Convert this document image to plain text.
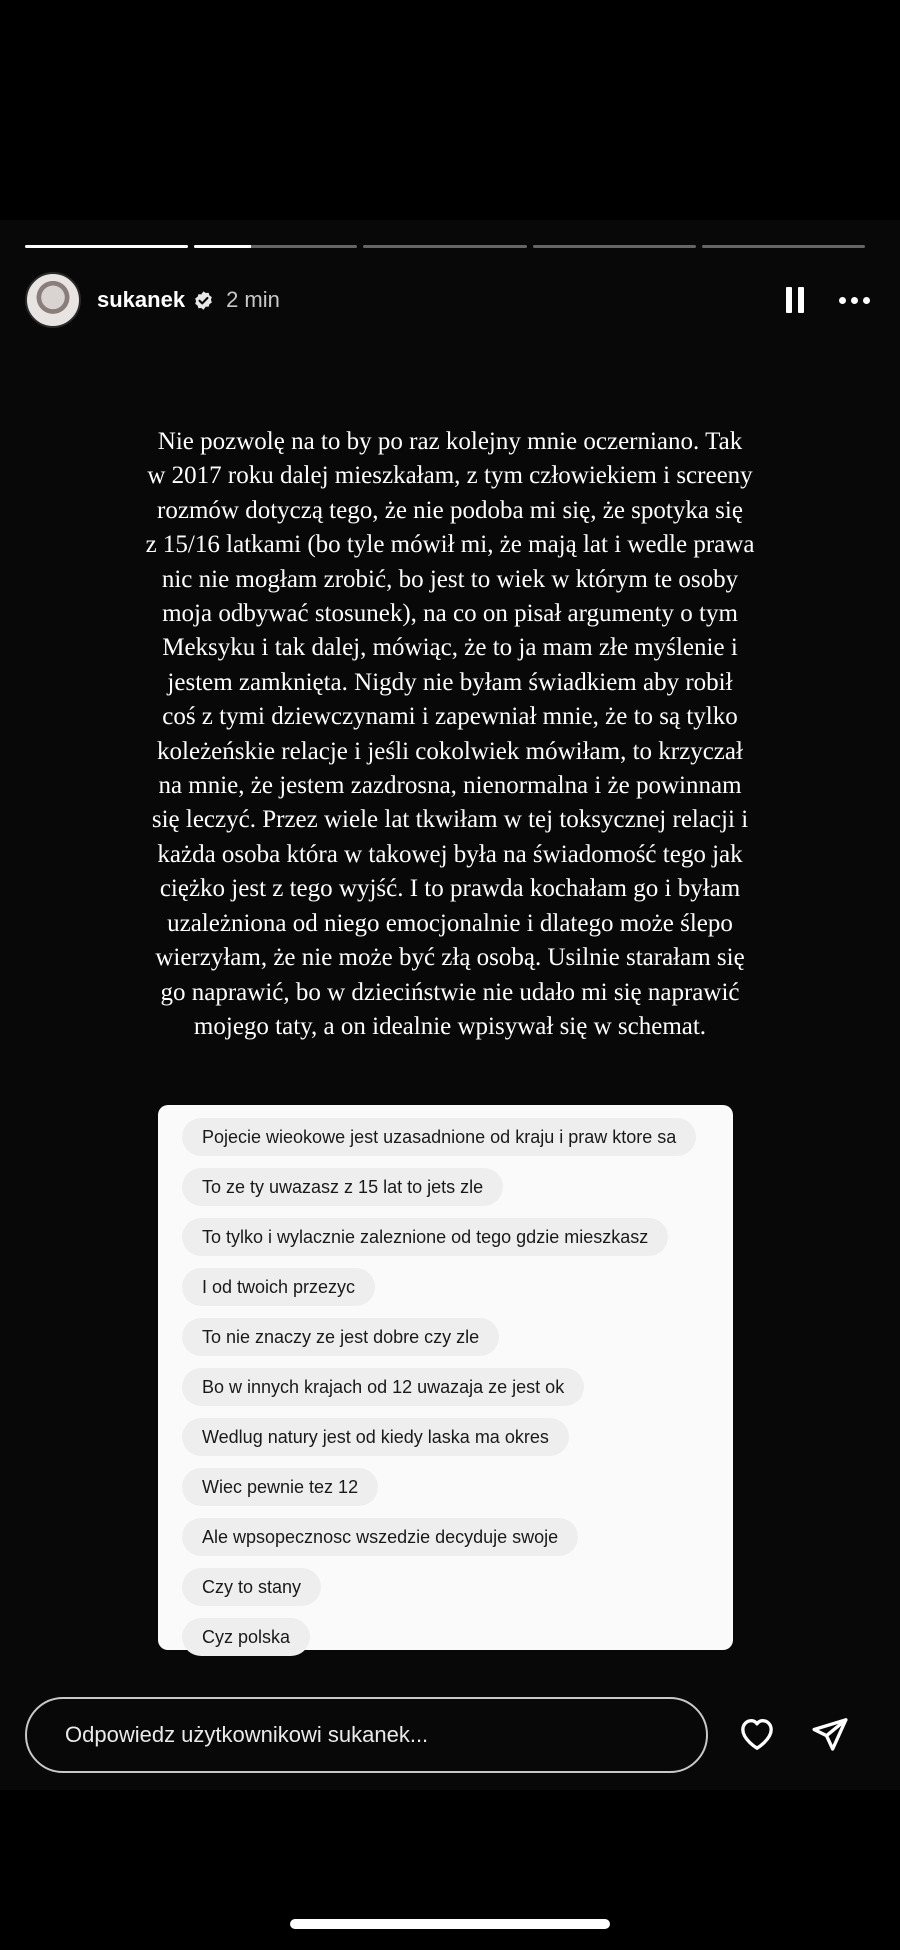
sukanek 2 min

Nie pozwolę na to by po raz kolejny mnie oczerniano. Tak
w 2017 roku dalej mieszkałam, z tym człowiekiem i screeny
rozmów dotyczą tego, że nie podoba mi się, że spotyka się
z 15/16 latkami (bo tyle mówił mi, że mają lat i wedle prawa
nic nie mogłam zrobić, bo jest to wiek w którym te osoby
moja odbywać stosunek), na co on pisał argumenty o tym
Meksyku i tak dalej, mówiąc, że to ja mam złe myślenie i
jestem zamknięta. Nigdy nie byłam świadkiem aby robił
coś z tymi dziewczynami i zapewniał mnie, że to są tylko
koleżeńskie relacje i jeśli cokolwiek mówiłam, to krzyczał
na mnie, że jestem zazdrosna, nienormalna i że powinnam
się leczyć. Przez wiele lat tkwiłam w tej toksycznej relacji i
każda osoba która w takowej była na świadomość tego jak
ciężko jest z tego wyjść. I to prawda kochałam go i byłam
uzależniona od niego emocjonalnie i dlatego może ślepo
wierzyłam, że nie może być złą osobą. Usilnie starałam się
go naprawić, bo w dzieciństwie nie udało mi się naprawić
mojego taty, a on idealnie wpisywał się w schemat.

Pojecie wieokowe jest uzasadnione od kraju i praw ktore sa
To ze ty uwazasz z 15 lat to jets zle
To tylko i wylacznie zaleznione od tego gdzie mieszkasz
I od twoich przezyc
To nie znaczy ze jest dobre czy zle
Bo w innych krajach od 12 uwazaja ze jest ok
Wedlug natury jest od kiedy laska ma okres
Wiec pewnie tez 12
Ale wpsopecznosc wszedzie decyduje swoje
Czy to stany
Cyz polska
Odpowiedz użytkownikowi sukanek...
